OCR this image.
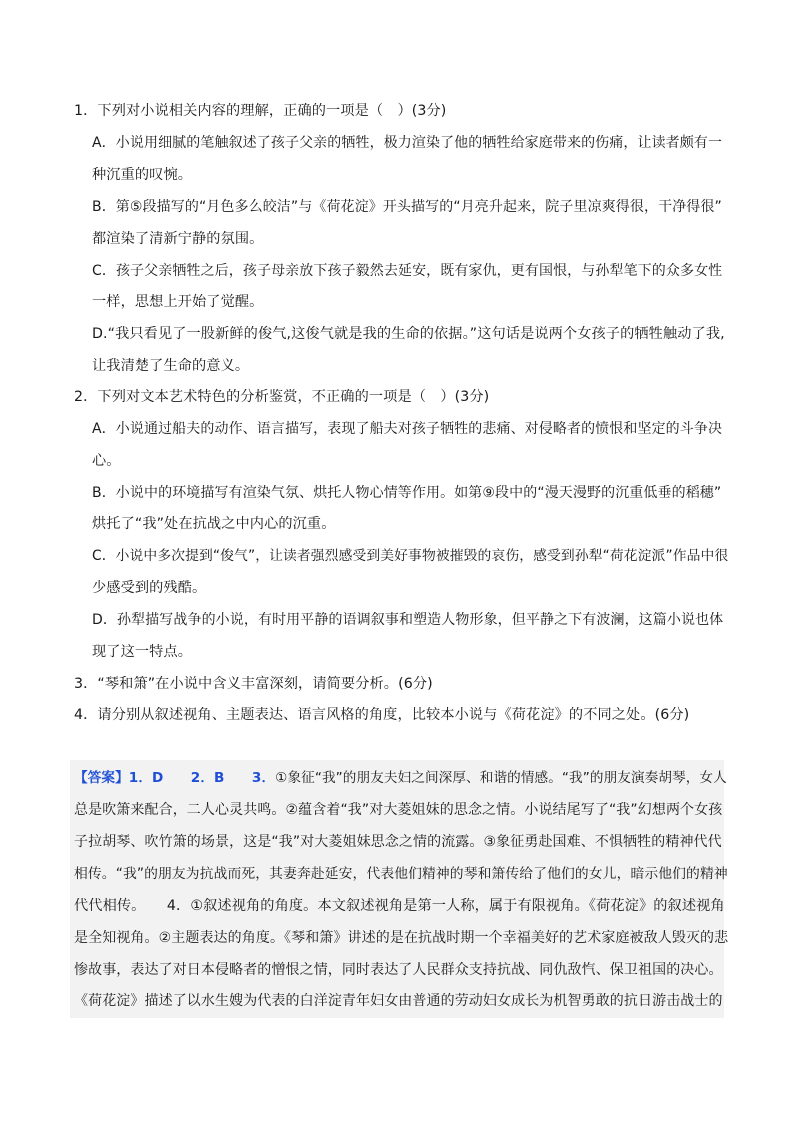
1．下列对小说相关内容的理解，正确的一项是（　）(3分)
A．小说用细腻的笔触叙述了孩子父亲的牺牲，极力渲染了他的牺牲给家庭带来的伤痛，让读者颇有一
种沉重的叹惋。
B．第⑤段描写的“月色多么皎洁”与《荷花淀》开头描写的“月亮升起来，院子里凉爽得很，干净得很”
都渲染了清新宁静的氛围。
C．孩子父亲牺牲之后，孩子母亲放下孩子毅然去延安，既有家仇，更有国恨，与孙犁笔下的众多女性
一样，思想上开始了觉醒。
D.“我只看见了一股新鲜的俊气,这俊气就是我的生命的依据。”这句话是说两个女孩子的牺牲触动了我,
让我清楚了生命的意义。
2．下列对文本艺术特色的分析鉴赏，不正确的一项是（　）(3分)
A．小说通过船夫的动作、语言描写，表现了船夫对孩子牺牲的悲痛、对侵略者的愤恨和坚定的斗争决
心。
B．小说中的环境描写有渲染气氛、烘托人物心情等作用。如第⑨段中的“漫天漫野的沉重低垂的稻穗”
烘托了“我”处在抗战之中内心的沉重。
C．小说中多次提到“俊气”，让读者强烈感受到美好事物被摧毁的哀伤，感受到孙犁“荷花淀派”作品中很
少感受到的残酷。
D．孙犁描写战争的小说，有时用平静的语调叙事和塑造人物形象，但平静之下有波澜，这篇小说也体
现了这一特点。
3．“琴和箫”在小说中含义丰富深刻，请简要分析。(6分)
4．请分别从叙述视角、主题表达、语言风格的角度，比较本小说与《荷花淀》的不同之处。(6分)
【答案】1．D　　2．B　　3．①象征“我”的朋友夫妇之间深厚、和谐的情感。“我”的朋友演奏胡琴，女人
总是吹箫来配合，二人心灵共鸣。②蕴含着“我”对大菱姐妹的思念之情。小说结尾写了“我”幻想两个女孩
子拉胡琴、吹竹箫的场景，这是“我”对大菱姐妹思念之情的流露。③象征勇赴国难、不惧牺牲的精神代代
相传。“我”的朋友为抗战而死，其妻奔赴延安，代表他们精神的琴和箫传给了他们的女儿，暗示他们的精神
代代相传。　　4．①叙述视角的角度。本文叙述视角是第一人称，属于有限视角。《荷花淀》的叙述视角
是全知视角。②主题表达的角度。《琴和箫》讲述的是在抗战时期一个幸福美好的艺术家庭被敌人毁灭的悲
惨故事，表达了对日本侵略者的憎恨之情，同时表达了人民群众支持抗战、同仇敌忾、保卫祖国的决心。
《荷花淀》描述了以水生嫂为代表的白洋淀青年妇女由普通的劳动妇女成长为机智勇敢的抗日游击战士的
